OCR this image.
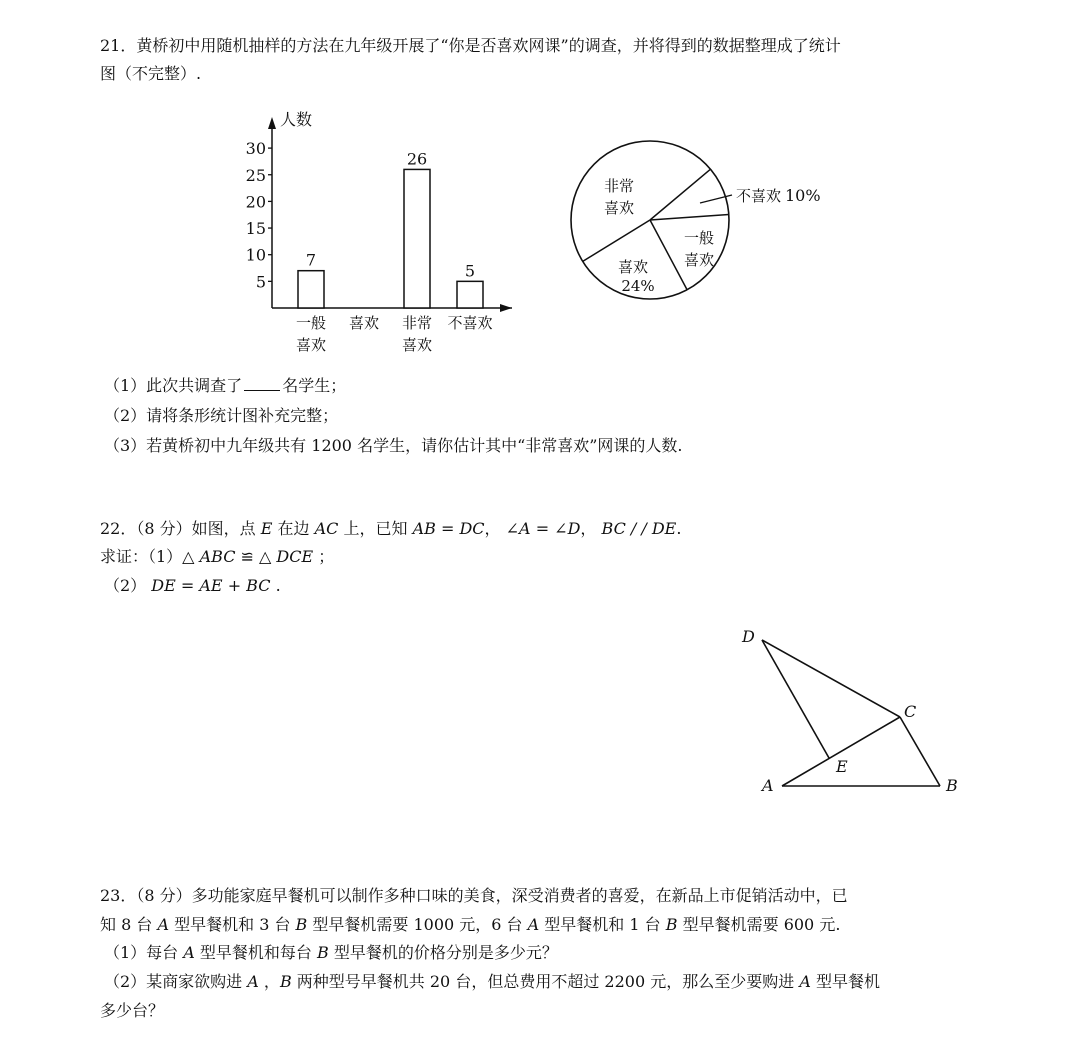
21．黄桥初中用随机抽样的方法在九年级开展了“你是否喜欢网课”的调查，并将得到的数据整理成了统计
图（不完整）.
人数
5
10
15
20
25
30
7
一般
喜欢
喜欢
26
非常
喜欢
5
不喜欢
非常
喜欢
不喜欢 10%
一般
喜欢
喜欢
24%
（1）此次共调查了	名学生；
（2）请将条形统计图补充完整；
（3）若黄桥初中九年级共有 1200 名学生，请你估计其中“非常喜欢”网课的人数.
22．（8 分）如图，点 E 在边 AC 上，已知 AB = DC， ∠A = ∠D， BC / / DE.
求证：（1）△ ABC ≌ △ DCE ；
（2） DE = AE + BC .
D
C
E
A	B
23．（8 分）多功能家庭早餐机可以制作多种口味的美食，深受消费者的喜爱，在新品上市促销活动中，已
知 8 台 A 型早餐机和 3 台 B 型早餐机需要 1000 元，6 台 A 型早餐机和 1 台 B 型早餐机需要 600 元.
（1）每台 A 型早餐机和每台 B 型早餐机的价格分别是多少元？
（2）某商家欲购进 A ，B 两种型号早餐机共 20 台，但总费用不超过 2200 元，那么至少要购进 A 型早餐机
多少台？
